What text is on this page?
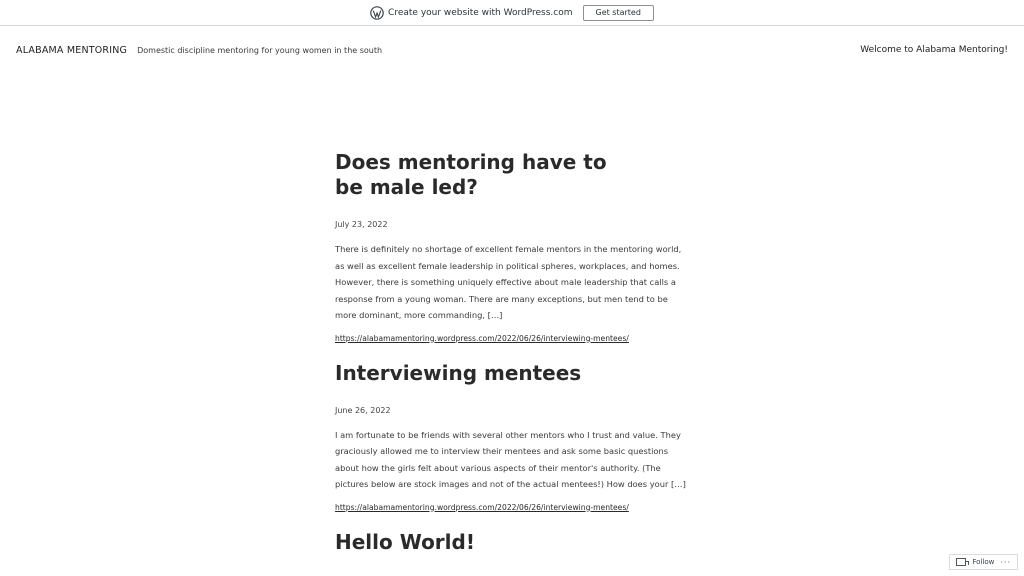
Create your website with WordPress.com	Get started
ALABAMA MENTORING Domestic discipline mentoring for young women in the south	Welcome to Alabama Mentoring!
Does mentoring have to be male led?
July 23, 2022
There is definitely no shortage of excellent female mentors in the mentoring world, as well as excellent female leadership in political spheres, workplaces, and homes. However, there is something uniquely effective about male leadership that calls a response from a young woman. There are many exceptions, but men tend to be more dominant, more commanding, […]
https://alabamamentoring.wordpress.com/2022/06/26/interviewing-mentees/
Interviewing mentees
June 26, 2022
I am fortunate to be friends with several other mentors who I trust and value. They graciously allowed me to interview their mentees and ask some basic questions about how the girls felt about various aspects of their mentor's authority. (The pictures below are stock images and not of the actual mentees!) How does your […]
https://alabamamentoring.wordpress.com/2022/06/26/interviewing-mentees/
Hello World!
Follow ···
